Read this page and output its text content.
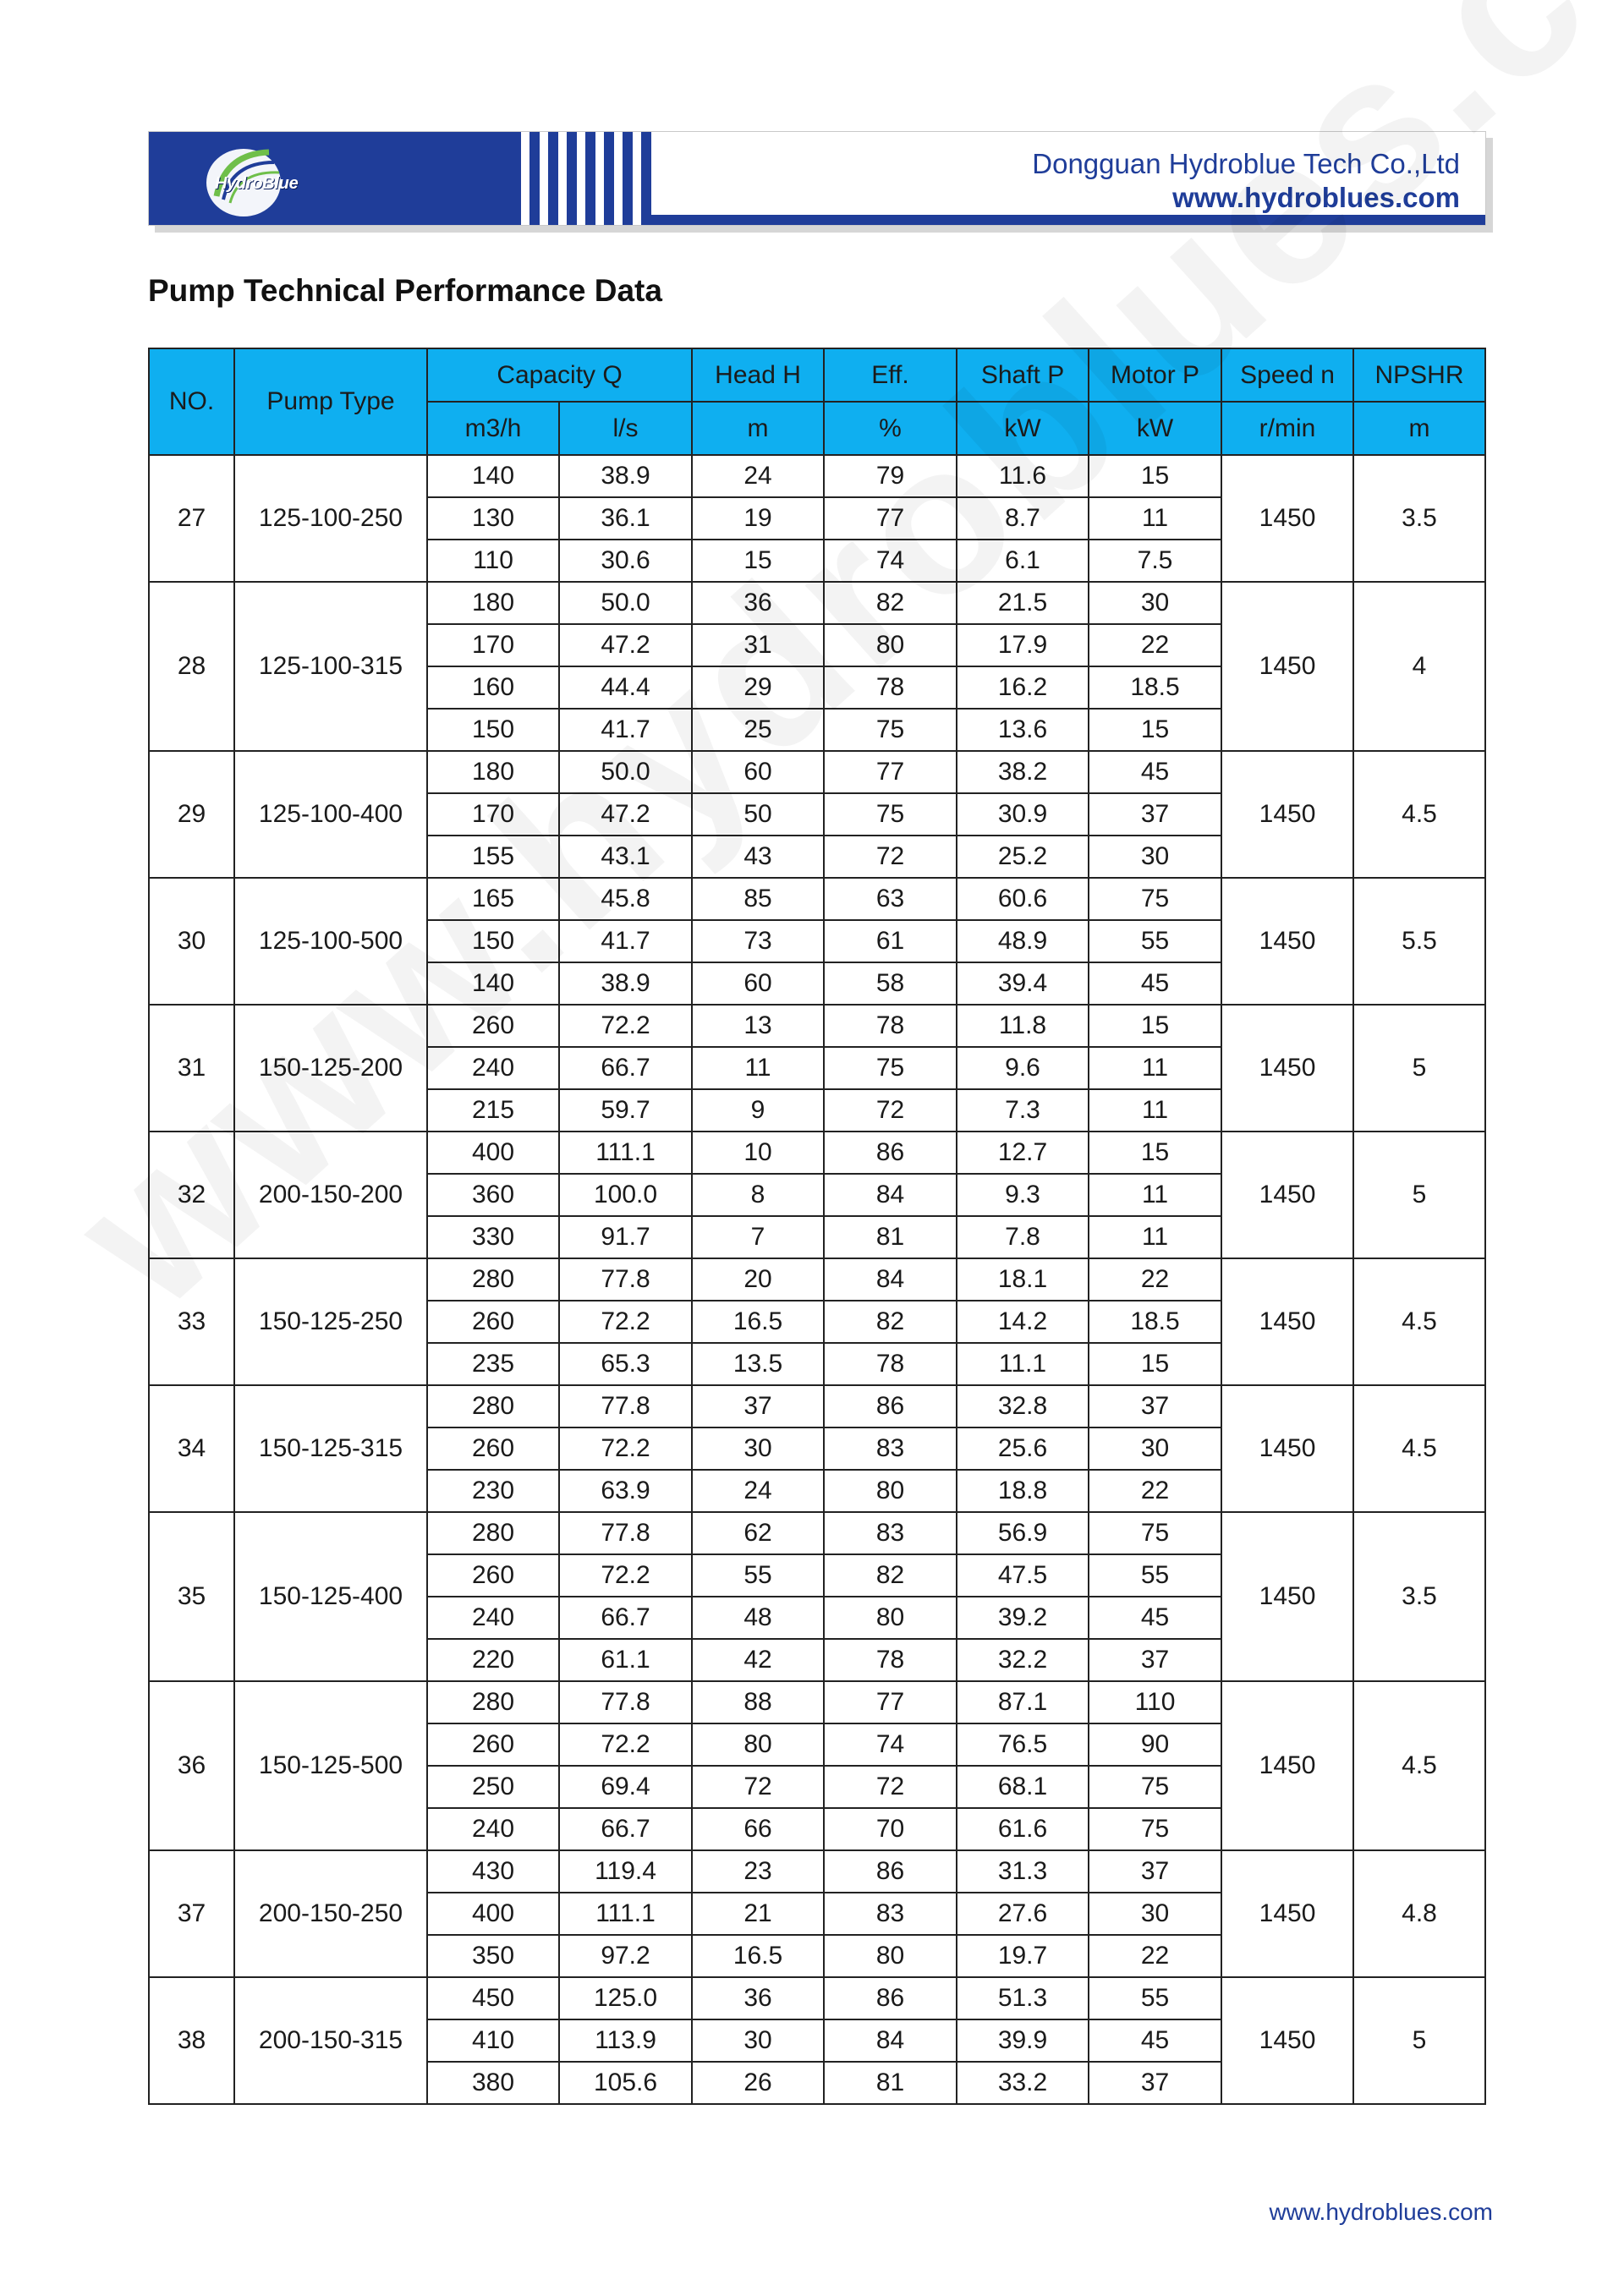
HydroBlue
Dongguan Hydroblue Tech Co.,Ltd
www.hydroblues.com
Pump Technical Performance Data
NO.	Pump Type	Capacity Q		Head H	Eff.	Shaft P	Motor P	Speed n	NPSHR
		m3/h	l/s	m	%	kW	kW	r/min	m
27	125-100-250	140	38.9	24	79	11.6	15	1450	3.5
		130	36.1	19	77	8.7	11		
		110	30.6	15	74	6.1	7.5		
28	125-100-315	180	50.0	36	82	21.5	30	1450	4
		170	47.2	31	80	17.9	22		
		160	44.4	29	78	16.2	18.5		
		150	41.7	25	75	13.6	15		
29	125-100-400	180	50.0	60	77	38.2	45	1450	4.5
		170	47.2	50	75	30.9	37		
		155	43.1	43	72	25.2	30		
30	125-100-500	165	45.8	85	63	60.6	75	1450	5.5
		150	41.7	73	61	48.9	55		
		140	38.9	60	58	39.4	45		
31	150-125-200	260	72.2	13	78	11.8	15	1450	5
		240	66.7	11	75	9.6	11		
		215	59.7	9	72	7.3	11		
32	200-150-200	400	111.1	10	86	12.7	15	1450	5
		360	100.0	8	84	9.3	11		
		330	91.7	7	81	7.8	11		
33	150-125-250	280	77.8	20	84	18.1	22	1450	4.5
		260	72.2	16.5	82	14.2	18.5		
		235	65.3	13.5	78	11.1	15		
34	150-125-315	280	77.8	37	86	32.8	37	1450	4.5
		260	72.2	30	83	25.6	30		
		230	63.9	24	80	18.8	22		
35	150-125-400	280	77.8	62	83	56.9	75	1450	3.5
		260	72.2	55	82	47.5	55		
		240	66.7	48	80	39.2	45		
		220	61.1	42	78	32.2	37		
36	150-125-500	280	77.8	88	77	87.1	110	1450	4.5
		260	72.2	80	74	76.5	90		
		250	69.4	72	72	68.1	75		
		240	66.7	66	70	61.6	75		
37	200-150-250	430	119.4	23	86	31.3	37	1450	4.8
		400	111.1	21	83	27.6	30		
		350	97.2	16.5	80	19.7	22		
38	200-150-315	450	125.0	36	86	51.3	55	1450	5
		410	113.9	30	84	39.9	45		
		380	105.6	26	81	33.2	37		
www.hydroblues.com
